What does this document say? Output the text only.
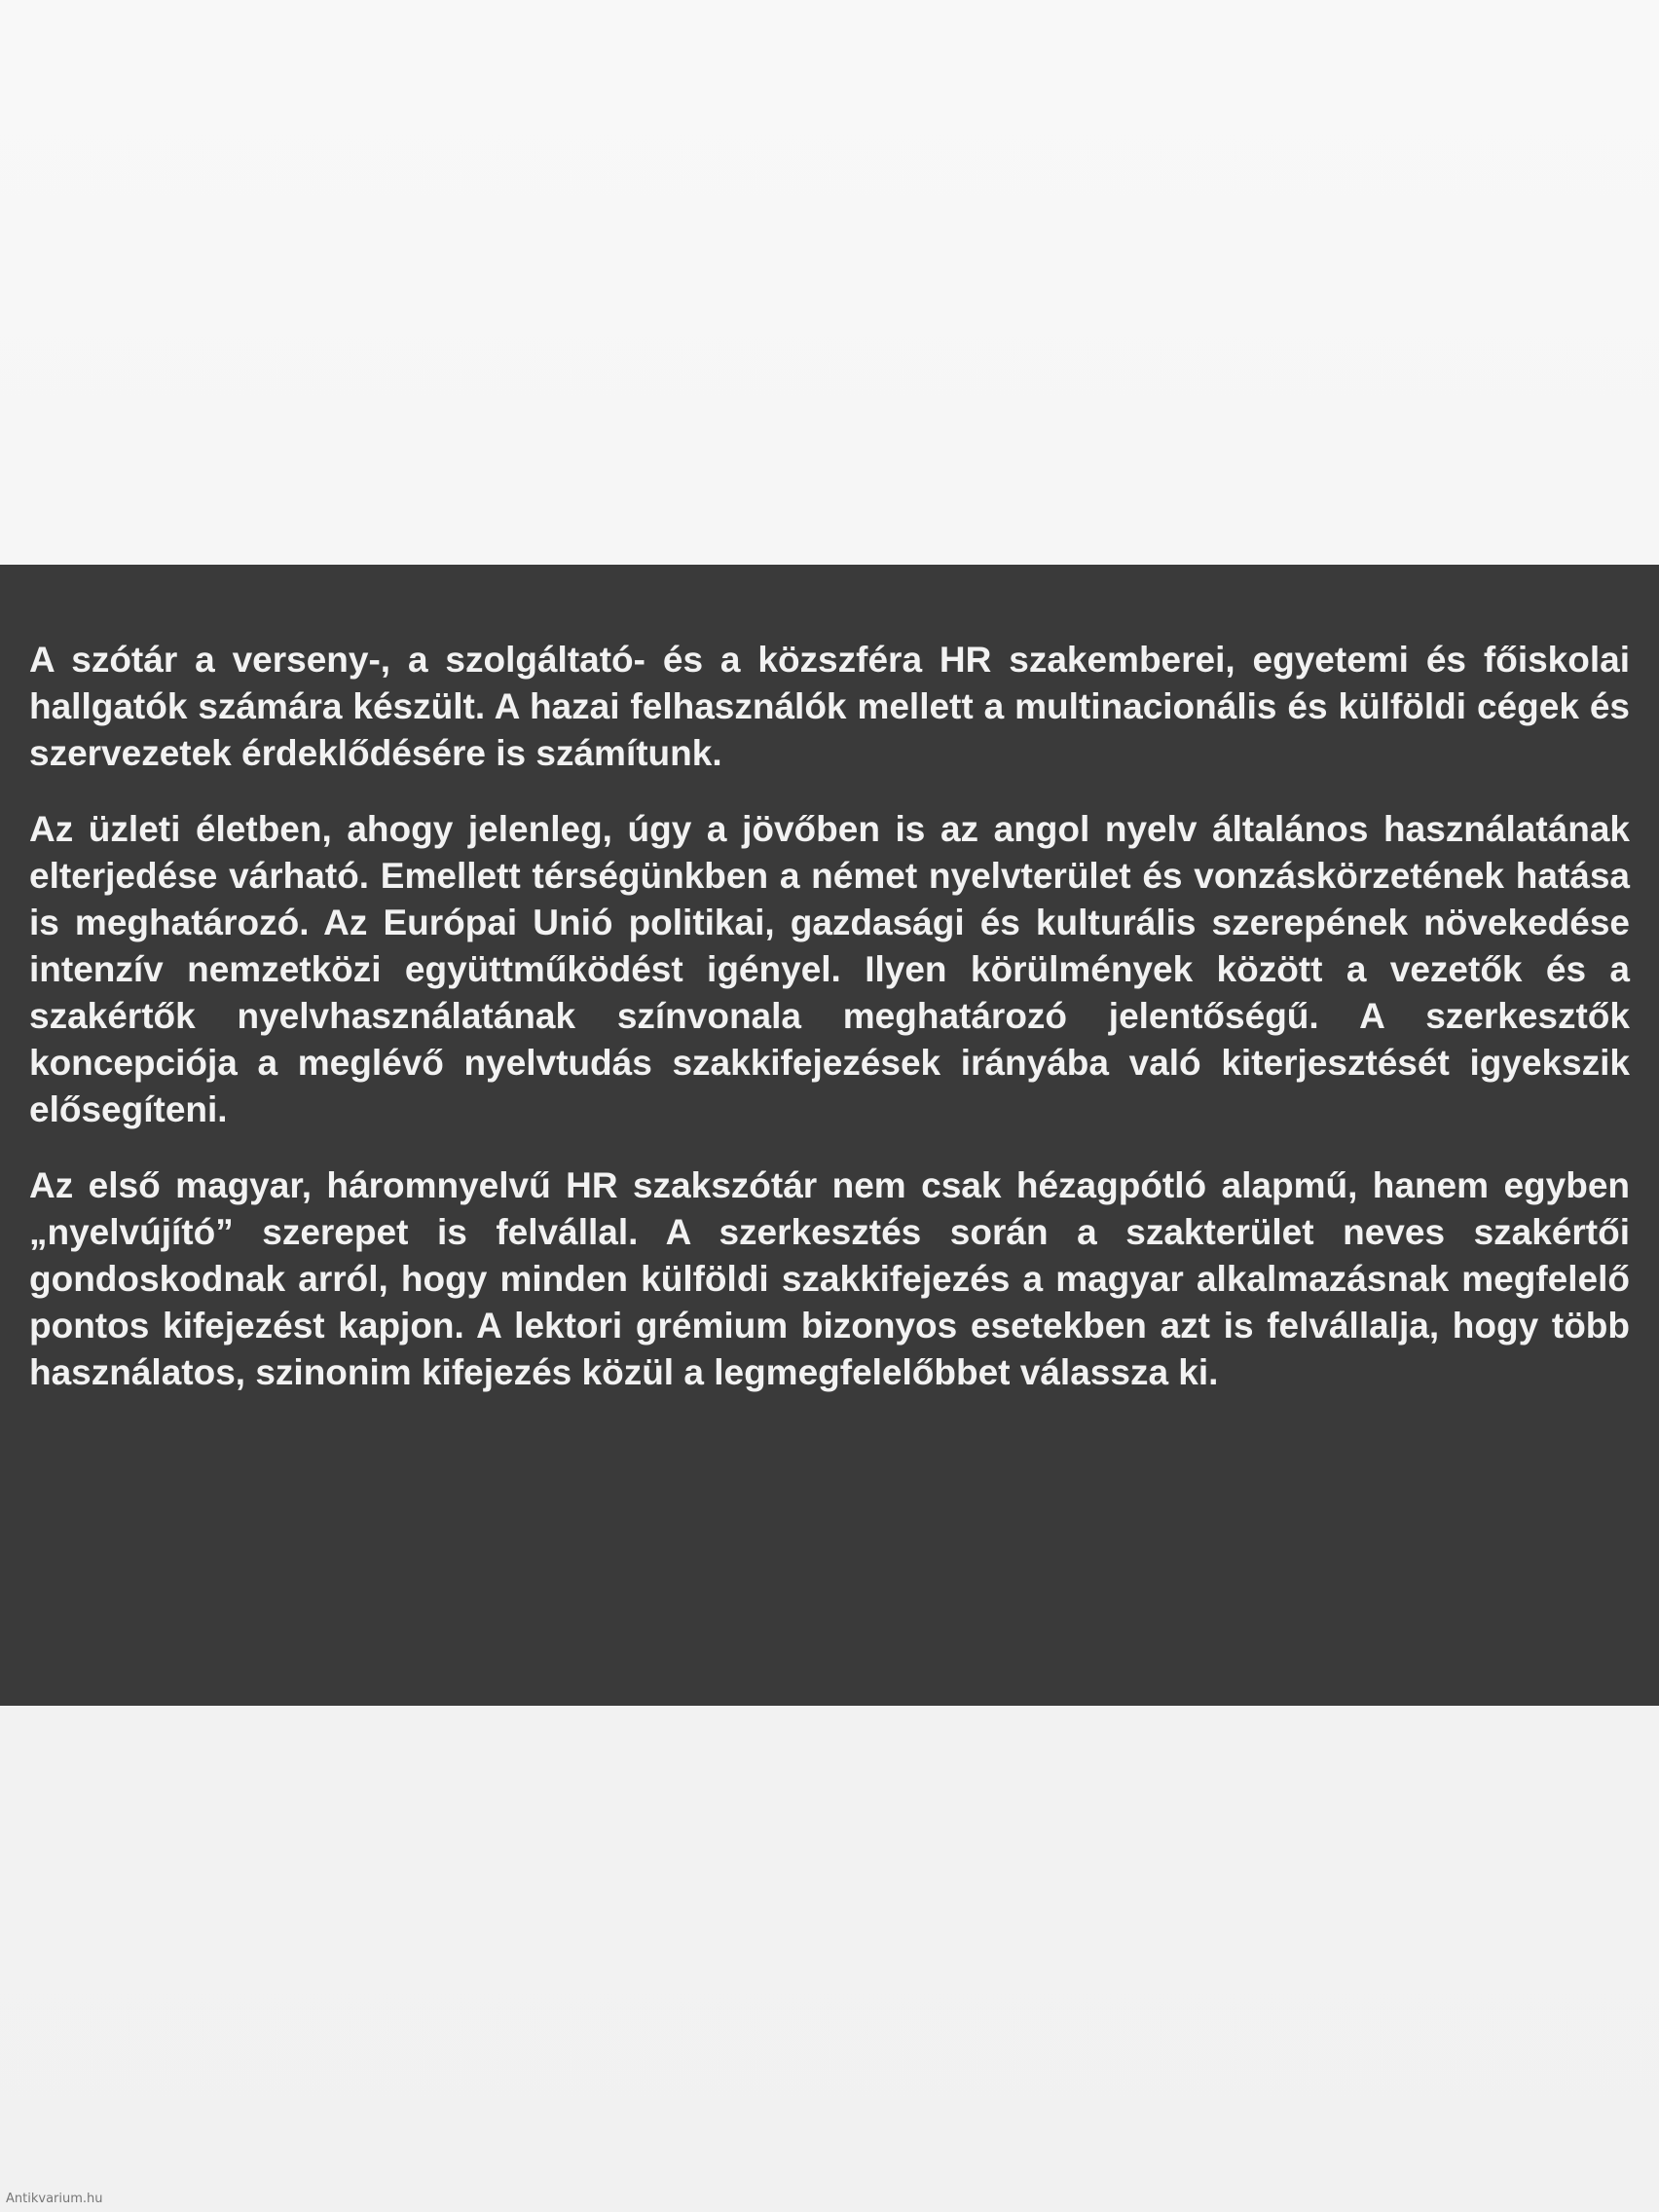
A szótár a verseny-, a szolgáltató- és a közszféra HR szakemberei, egyetemi és főiskolai hallgatók számára készült. A hazai felhasználók mellett a multinacionális és külföldi cégek és szervezetek érdeklődésére is számítunk.

Az üzleti életben, ahogy jelenleg, úgy a jövőben is az angol nyelv általános használatának elterjedése várható. Emellett térségünkben a német nyelvterület és vonzáskörzetének hatása is meghatározó. Az Európai Unió politikai, gazdasági és kulturális szerepének növekedése intenzív nemzetközi együttműködést igényel. Ilyen körülmények között a vezetők és a szakértők nyelvhasználatának színvonala meghatározó jelentőségű. A szerkesztők koncepciója a meglévő nyelvtudás szakkifejezések irányába való kiterjesztését igyekszik elősegíteni.

Az első magyar, háromnyelvű HR szakszótár nem csak hézagpótló alapmű, hanem egyben „nyelvújító” szerepet is felvállal. A szerkesztés során a szakterület neves szakértői gondoskodnak arról, hogy minden külföldi szakkifejezés a magyar alkalmazásnak megfelelő pontos kifejezést kapjon. A lektori grémium bizonyos esetekben azt is felvállalja, hogy több használatos, szinonim kifejezés közül a legmegfelelőbbet válassza ki.

Antikvarium.hu
